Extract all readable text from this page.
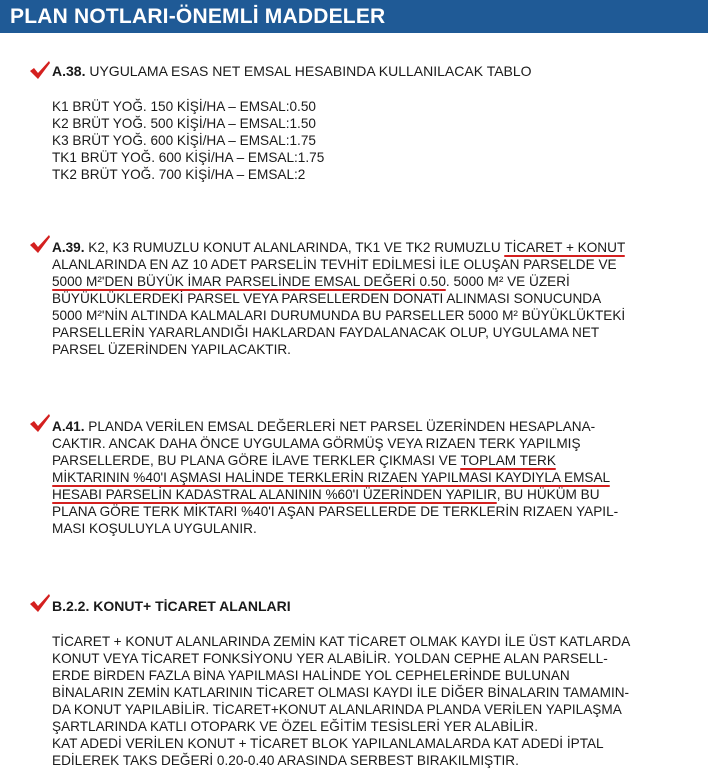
PLAN NOTLARI-ÖNEMLİ MADDELER
A.38. UYGULAMA ESAS NET EMSAL HESABINDA KULLANILACAK TABLO
K1 BRÜT YOĞ. 150 KİŞİ/HA – EMSAL:0.50
K2 BRÜT YOĞ. 500 KİŞİ/HA – EMSAL:1.50
K3 BRÜT YOĞ. 600 KİŞİ/HA – EMSAL:1.75
TK1 BRÜT YOĞ. 600 KİŞİ/HA – EMSAL:1.75
TK2 BRÜT YOĞ. 700 KİŞİ/HA – EMSAL:2
A.39. K2, K3 RUMUZLU KONUT ALANLARINDA, TK1 VE TK2 RUMUZLU TİCARET + KONUT
ALANLARINDA EN AZ 10 ADET PARSELİN TEVHİT EDİLMESİ İLE OLUŞAN PARSELDE VE
5000 M²'DEN BÜYÜK İMAR PARSELİNDE EMSAL DEĞERİ 0.50. 5000 M² VE ÜZERİ
BÜYÜKLÜKLERDEKİ PARSEL VEYA PARSELLERDEN DONATI ALINMASI SONUCUNDA
5000 M²'NİN ALTINDA KALMALARI DURUMUNDA BU PARSELLER 5000 M² BÜYÜKLÜKTEKİ
PARSELLERİN YARARLANDIĞI HAKLARDAN FAYDALANACAK OLUP, UYGULAMA NET
PARSEL ÜZERİNDEN YAPILACAKTIR.
A.41. PLANDA VERİLEN EMSAL DEĞERLERİ NET PARSEL ÜZERİNDEN HESAPLANA-
CAKTIR. ANCAK DAHA ÖNCE UYGULAMA GÖRMÜŞ VEYA RIZAEN TERK YAPILMIŞ
PARSELLERDE, BU PLANA GÖRE İLAVE TERKLER ÇIKMASI VE TOPLAM TERK
MİKTARININ %40'I AŞMASI HALİNDE TERKLERİN RIZAEN YAPILMASI KAYDIYLA EMSAL
HESABI PARSELİN KADASTRAL ALANININ %60'I ÜZERİNDEN YAPILIR, BU HÜKÜM BU
PLANA GÖRE TERK MİKTARI %40'I AŞAN PARSELLERDE DE TERKLERİN RIZAEN YAPIL-
MASI KOŞULUYLA UYGULANIR.
B.2.2. KONUT+ TİCARET ALANLARI
TİCARET + KONUT ALANLARINDA ZEMİN KAT TİCARET OLMAK KAYDI İLE ÜST KATLARDA
KONUT VEYA TİCARET FONKSİYONU YER ALABİLİR. YOLDAN CEPHE ALAN PARSELL-
ERDE BİRDEN FAZLA BİNA YAPILMASI HALİNDE YOL CEPHELERİNDE BULUNAN
BİNALARIN ZEMİN KATLARININ TİCARET OLMASI KAYDI İLE DİĞER BİNALARIN TAMAMIN-
DA KONUT YAPILABİLİR. TİCARET+KONUT ALANLARINDA PLANDA VERİLEN YAPILAŞMA
ŞARTLARINDA KATLI OTOPARK VE ÖZEL EĞİTİM TESİSLERİ YER ALABİLİR.
KAT ADEDİ VERİLEN KONUT + TİCARET BLOK YAPILANLAMALARDA KAT ADEDİ İPTAL
EDİLEREK TAKS DEĞERİ 0.20-0.40 ARASINDA SERBEST BIRAKILMIŞTIR.
